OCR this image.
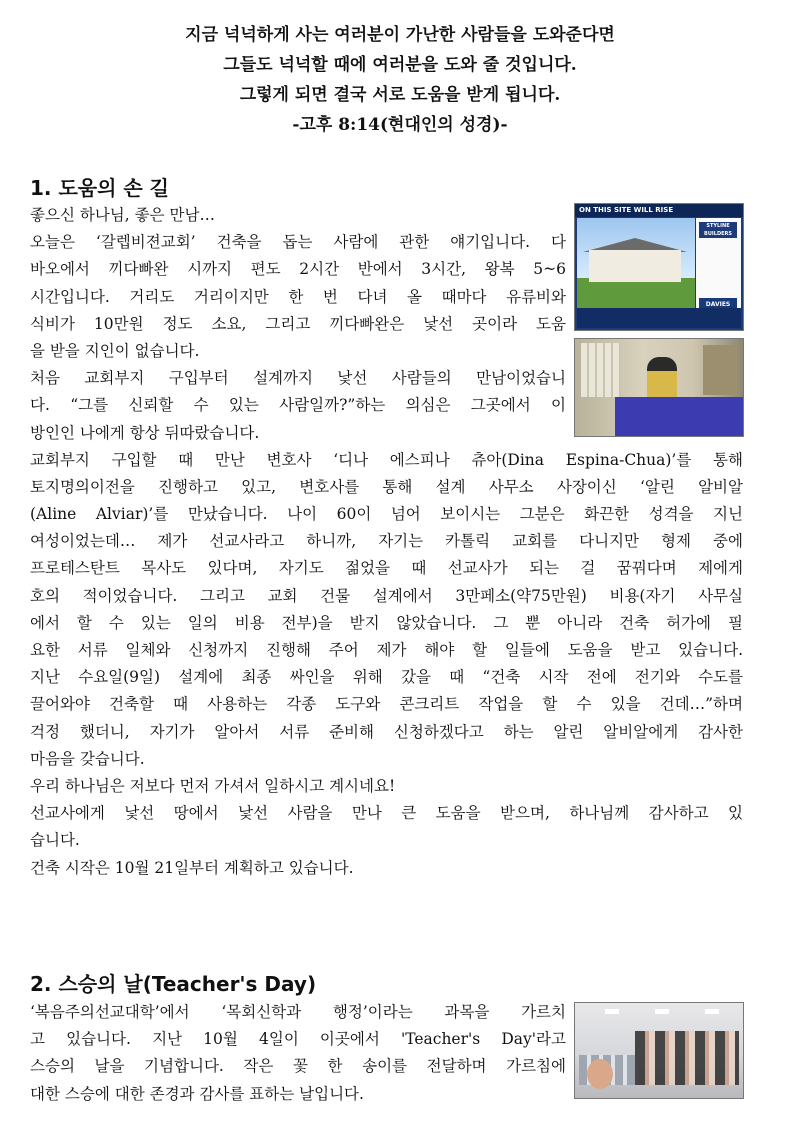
지금 넉넉하게 사는 여러분이 가난한 사람들을 도와준다면
그들도 넉넉할 때에 여러분을 도와 줄 것입니다.
그렇게 되면 결국 서로 도움을 받게 됩니다.
-고후 8:14(현대인의 성경)-
1. 도움의 손 길
좋으신 하나님, 좋은 만남…
오늘은 ‘갈렙비젼교회’ 건축을 돕는 사람에 관한 얘기입니다. 다
바오에서 끼다빠완 시까지 편도 2시간 반에서 3시간, 왕복 5~6
시간입니다. 거리도 거리이지만 한 번 다녀 올 때마다 유류비와
식비가 10만원 정도 소요, 그리고 끼다빠완은 낯선 곳이라 도움
을 받을 지인이 없습니다.
처음 교회부지 구입부터 설계까지 낯선 사람들의 만남이었습니
다. “그를 신뢰할 수 있는 사람일까?”하는 의심은 그곳에서 이
방인인 나에게 항상 뒤따랐습니다.
교회부지 구입할 때 만난 변호사 ‘디나 에스피나 츄아(Dina Espina-Chua)’를 통해
토지명의이전을 진행하고 있고, 변호사를 통해 설계 사무소 사장이신 ‘알린 알비알
(Aline Alviar)’를 만났습니다. 나이 60이 넘어 보이시는 그분은 화끈한 성격을 지닌
여성이었는데… 제가 선교사라고 하니까, 자기는 카톨릭 교회를 다니지만 형제 중에
프로테스탄트 목사도 있다며, 자기도 젊었을 때 선교사가 되는 걸 꿈꿔다며 제에게
호의 적이었습니다. 그리고 교회 건물 설계에서 3만페소(약75만원) 비용(자기 사무실
에서 할 수 있는 일의 비용 전부)을 받지 않았습니다. 그 뿐 아니라 건축 허가에 필
요한 서류 일체와 신청까지 진행해 주어 제가 해야 할 일들에 도움을 받고 있습니다.
지난 수요일(9일) 설계에 최종 싸인을 위해 갔을 때 “건축 시작 전에 전기와 수도를
끌어와야 건축할 때 사용하는 각종 도구와 콘크리트 작업을 할 수 있을 건데…”하며
걱정 했더니, 자기가 알아서 서류 준비해 신청하겠다고 하는 알린 알비알에게 감사한
마음을 갖습니다.
우리 하나님은 저보다 먼저 가셔서 일하시고 계시네요!
선교사에게 낯선 땅에서 낯선 사람을 만나 큰 도움을 받으며, 하나님께 감사하고 있
습니다.
건축 시작은 10월 21일부터 계획하고 있습니다.
ON THIS SITE WILL RISE
STYLINE BUILDERS
DAVIES
2. 스승의 날(Teacher's Day)
‘복음주의선교대학’에서 ‘목회신학과 행정’이라는 과목을 가르치
고 있습니다. 지난 10월 4일이 이곳에서 'Teacher's Day'라고
스승의 날을 기념합니다. 작은 꽃 한 송이를 전달하며 가르침에
대한 스승에 대한 존경과 감사를 표하는 날입니다.
